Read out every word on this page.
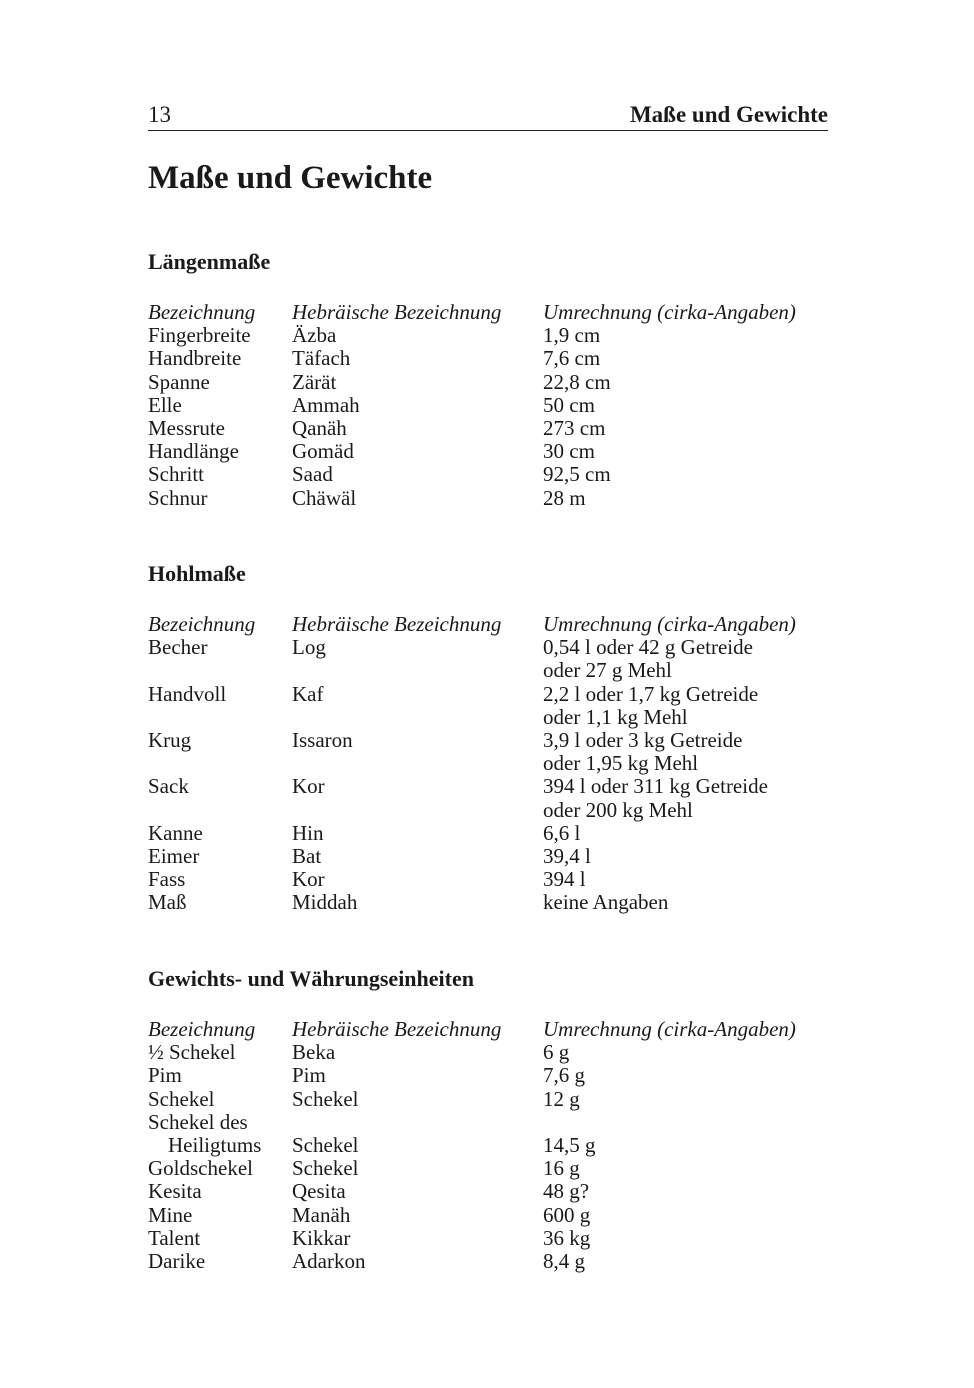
13	Maße und Gewichte
Maße und Gewichte
Längenmaße
Bezeichnung	Hebräische Bezeichnung	Umrechnung (cirka-Angaben)
Fingerbreite	Äzba	1,9 cm
Handbreite	Täfach	7,6 cm
Spanne	Zärät	22,8 cm
Elle	Ammah	50 cm
Messrute	Qanäh	273 cm
Handlänge	Gomäd	30 cm
Schritt	Saad	92,5 cm
Schnur	Chäwäl	28 m
Hohlmaße
Bezeichnung	Hebräische Bezeichnung	Umrechnung (cirka-Angaben)
Becher	Log	0,54 l oder 42 g Getreide
oder 27 g Mehl

Handvoll	Kaf	2,2 l oder 1,7 kg Getreide
oder 1,1 kg Mehl

Krug	Issaron	3,9 l oder 3 kg Getreide
oder 1,95 kg Mehl

Sack	Kor	394 l oder 311 kg Getreide
oder 200 kg Mehl

Kanne	Hin	6,6 l
Eimer	Bat	39,4 l
Fass	Kor	394 l
Maß	Middah	keine Angaben
Gewichts- und Währungseinheiten
Bezeichnung	Hebräische Bezeichnung	Umrechnung (cirka-Angaben)
½ Schekel	Beka	6 g
Pim	Pim	7,6 g
Schekel	Schekel	12 g

Schekel des
Heiligtums	Schekel	14,5 g

Goldschekel	Schekel	16 g
Kesita	Qesita	48 g?
Mine	Manäh	600 g
Talent	Kikkar	36 kg
Darike	Adarkon	8,4 g
